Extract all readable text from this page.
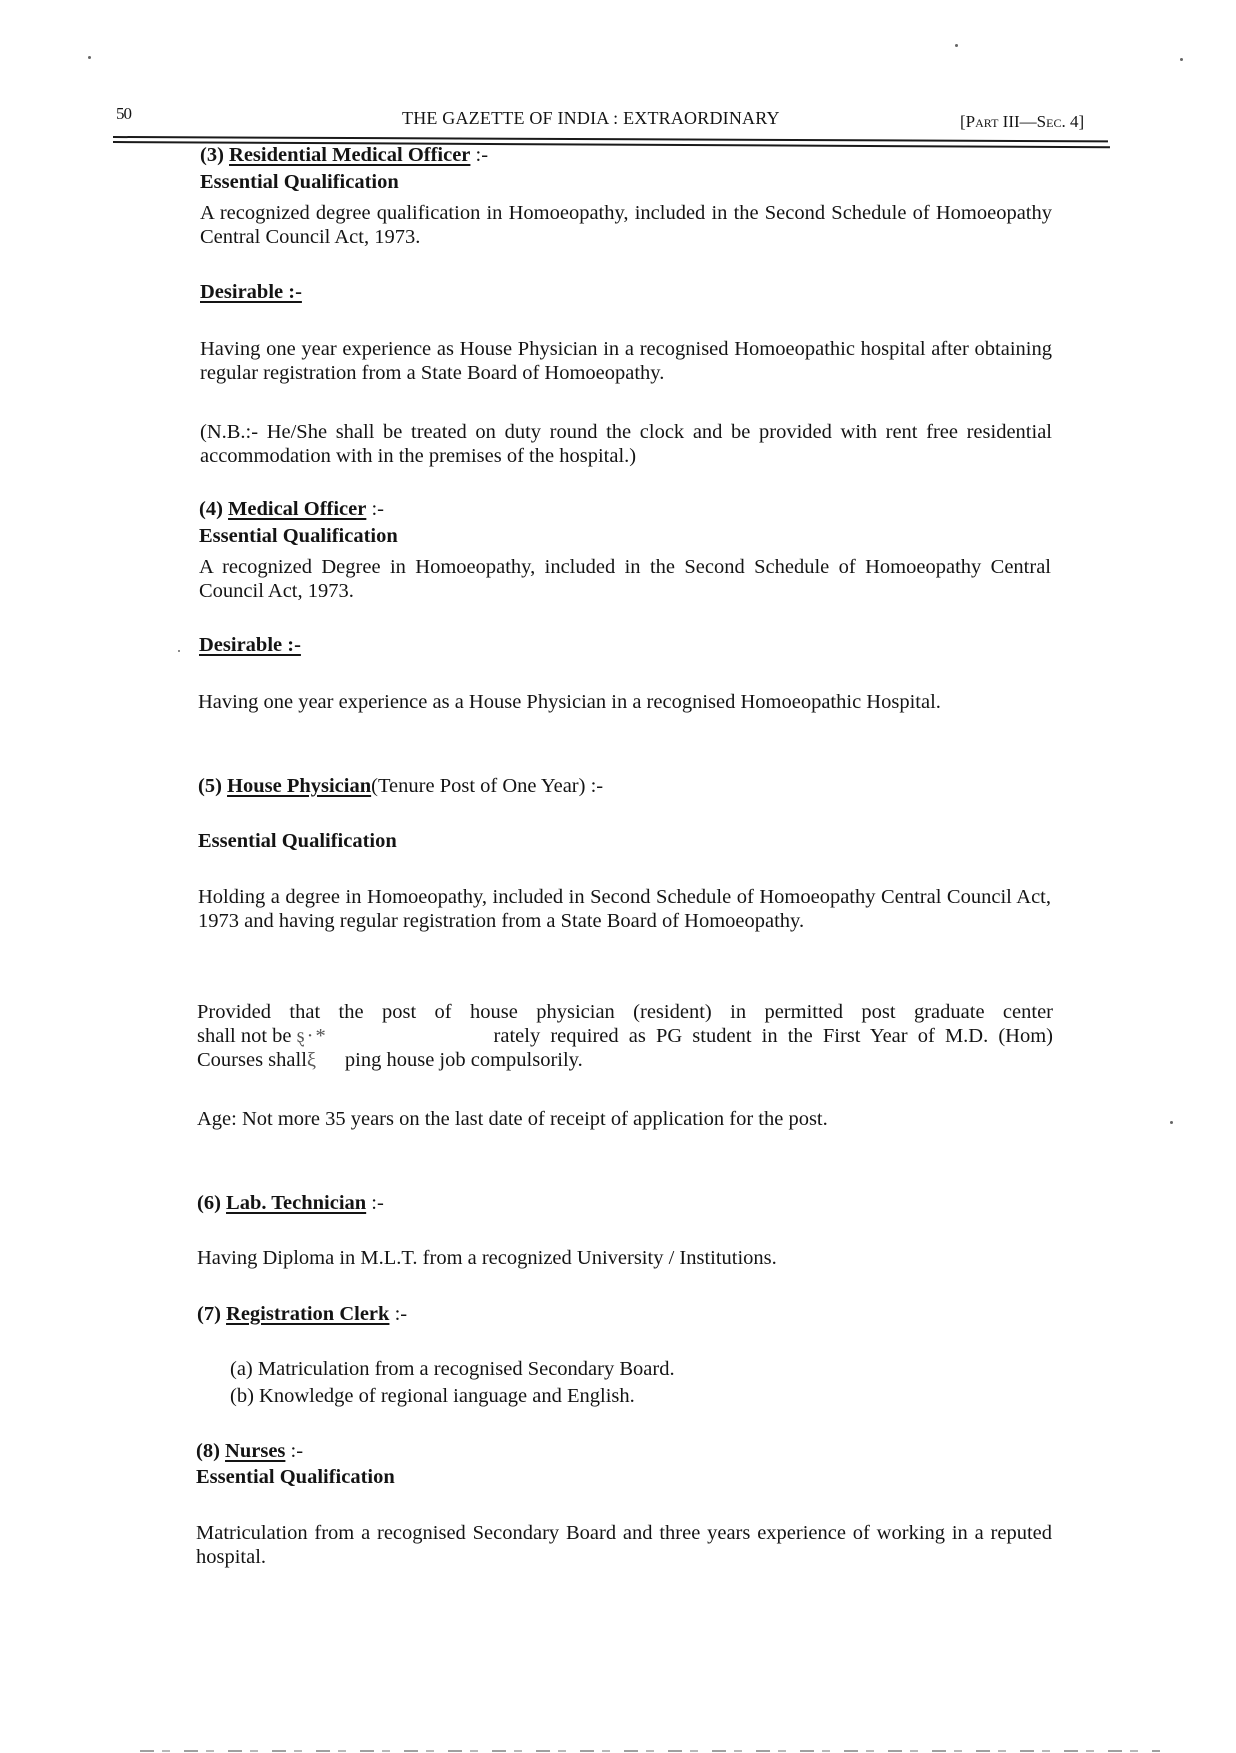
50	THE GAZETTE OF INDIA : EXTRAORDINARY	[PART III—SEC. 4]
(3) Residential Medical Officer :-
Essential Qualification
A recognized degree qualification in Homoeopathy, included in the Second Schedule of Homoeopathy Central Council Act, 1973.
Desirable :-
Having one year experience as House Physician in a recognised Homoeopathic hospital after obtaining regular registration from a State Board of Homoeopathy.
(N.B.:- He/She shall be treated on duty round the clock and be provided with rent free residential accommodation with in the premises of the hospital.)
(4) Medical Officer :-
Essential Qualification
A recognized Degree in Homoeopathy, included in the Second Schedule of Homoeopathy Central Council Act, 1973.
Desirable :-
Having one year experience as a House Physician in a recognised Homoeopathic Hospital.
(5) House Physician(Tenure Post of One Year) :-
Essential Qualification
Holding a degree in Homoeopathy, included in Second Schedule of Homoeopathy Central Council Act, 1973 and having regular registration from a State Board of Homoeopathy.
Provided that the post of house physician (resident) in permitted post graduate center
shall not be ȿ·*	rately required as PG student in the First Year of M.D. (Hom)
Courses shallξ ping house job compulsorily.
Age: Not more 35 years on the last date of receipt of application for the post.
(6) Lab. Technician :-
Having Diploma in M.L.T. from a recognized University / Institutions.
(7) Registration Clerk :-
(a) Matriculation from a recognised Secondary Board.
(b) Knowledge of regional ianguage and English.
(8) Nurses :-
Essential Qualification
Matriculation from a recognised Secondary Board and three years experience of working in a reputed hospital.
